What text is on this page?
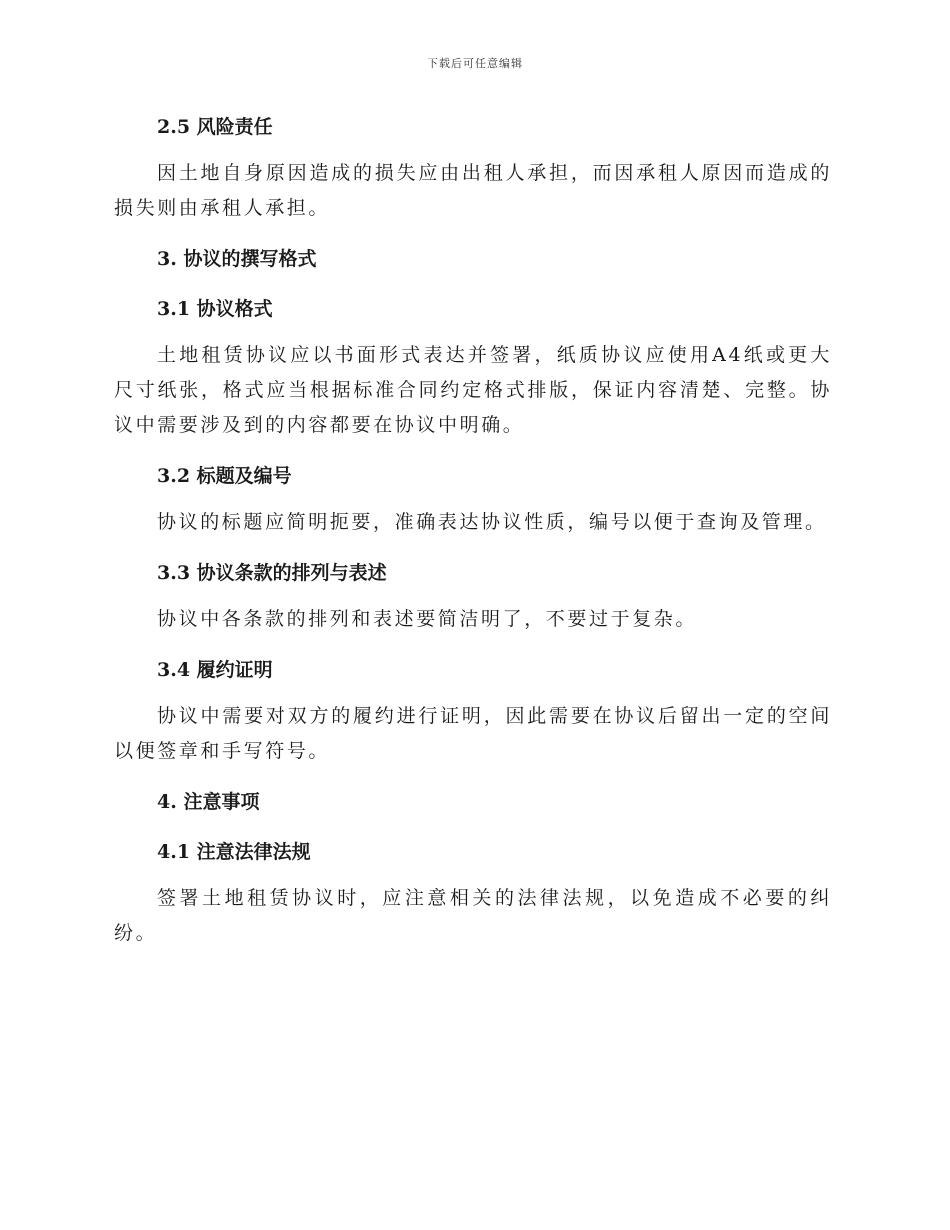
下载后可任意编辑
2.5 风险责任

因土地自身原因造成的损失应由出租人承担，而因承租人原因而造成的损失则由承租人承担。

3. 协议的撰写格式
3.1 协议格式

土地租赁协议应以书面形式表达并签署，纸质协议应使用A4纸或更大尺寸纸张，格式应当根据标准合同约定格式排版，保证内容清楚、完整。协议中需要涉及到的内容都要在协议中明确。

3.2 标题及编号

协议的标题应简明扼要，准确表达协议性质，编号以便于查询及管理。

3.3 协议条款的排列与表述

协议中各条款的排列和表述要简洁明了，不要过于复杂。

3.4 履约证明

协议中需要对双方的履约进行证明，因此需要在协议后留出一定的空间以便签章和手写符号。

4. 注意事项
4.1 注意法律法规

签署土地租赁协议时，应注意相关的法律法规，以免造成不必要的纠纷。
